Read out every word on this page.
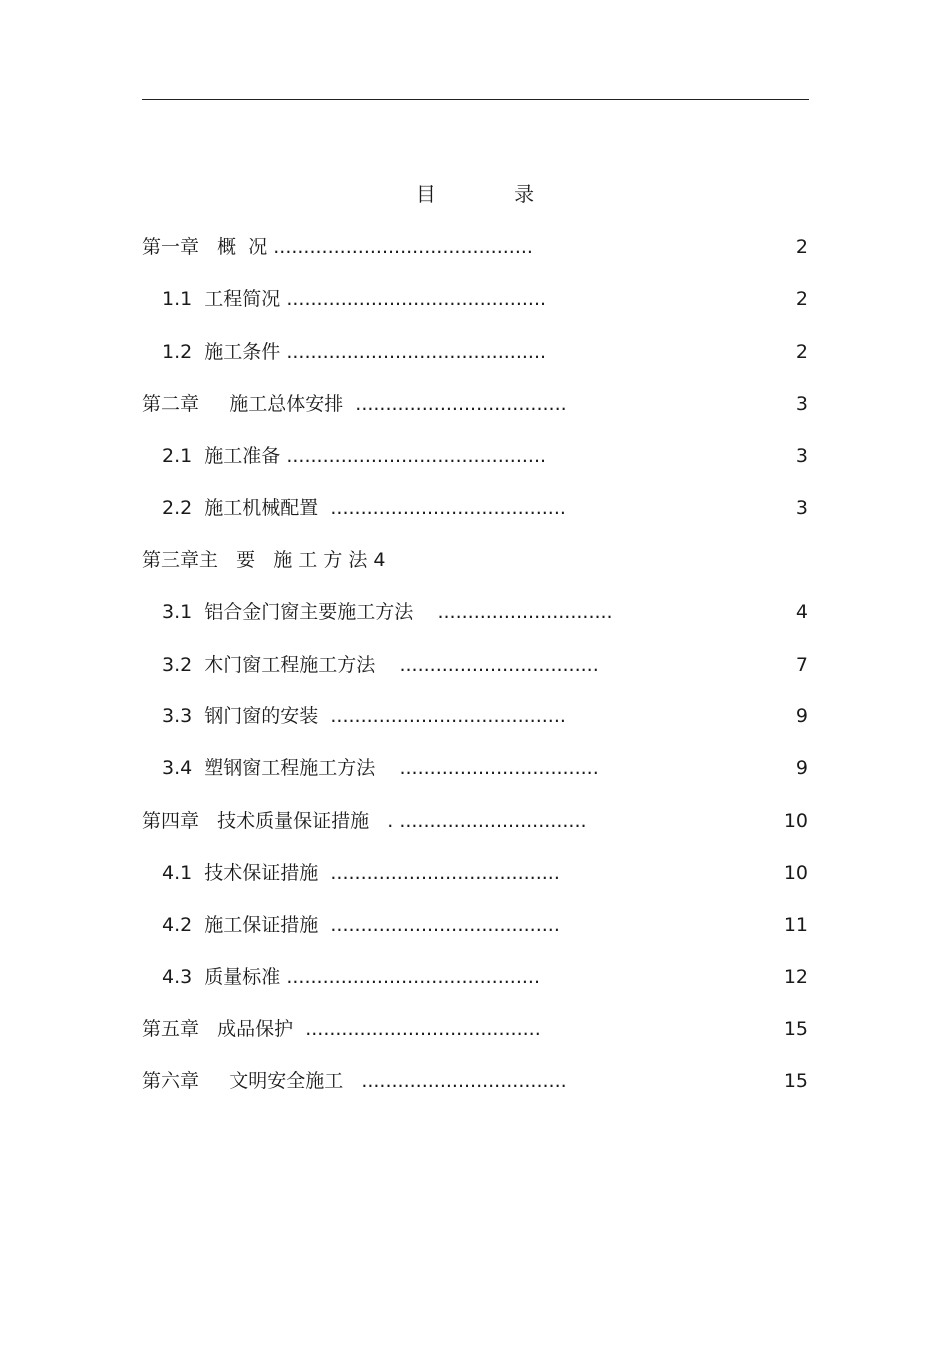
目 录
第一章   概  况 ...........................................	2
1.1  工程简况 ...........................................	2
1.2  施工条件 ...........................................	2
第二章     施工总体安排  ...................................	3
2.1  施工准备 ...........................................	3
2.2  施工机械配置  .......................................	3
第三章主   要   施 工 方 法 4
3.1  铝合金门窗主要施工方法    .............................	4
3.2  木门窗工程施工方法    .................................	7
3.3  钢门窗的安装  .......................................	9
3.4  塑钢窗工程施工方法    .................................	9
第四章   技术质量保证措施   . ...............................	10
4.1  技术保证措施  ......................................	10
4.2  施工保证措施  ......................................	11
4.3  质量标准 ..........................................	12
第五章   成品保护  .......................................	15
第六章     文明安全施工   ..................................	15
